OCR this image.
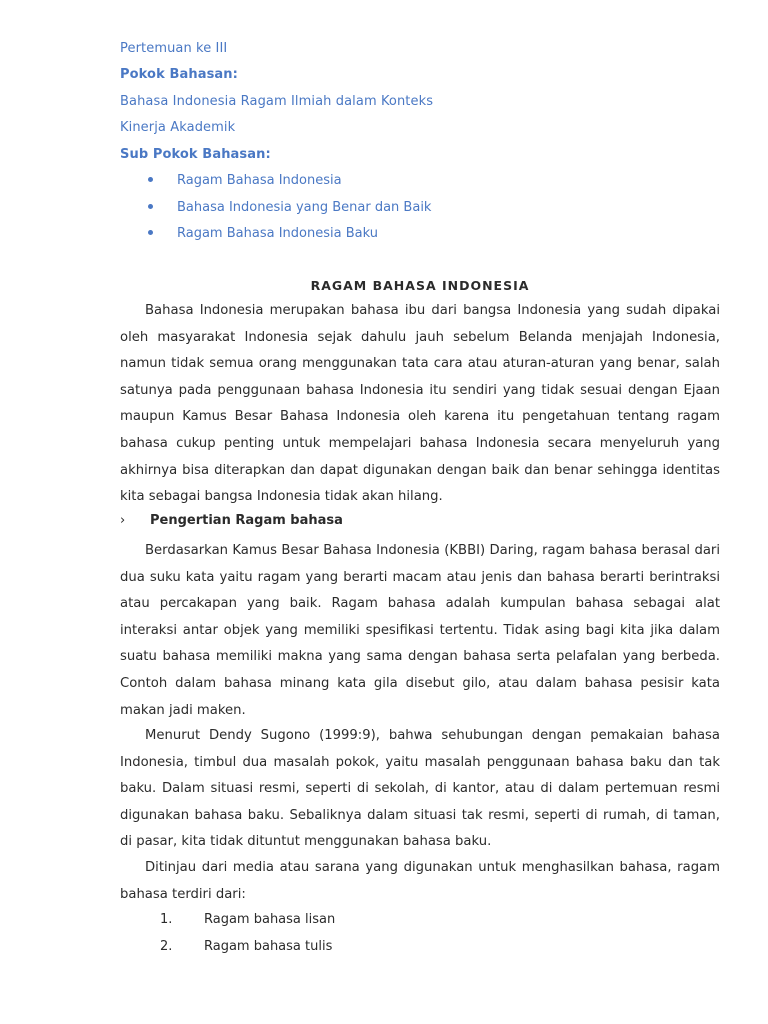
Pertemuan ke III
Pokok Bahasan:
Bahasa Indonesia Ragam Ilmiah dalam Konteks
Kinerja Akademik
Sub Pokok Bahasan:
Ragam Bahasa Indonesia
Bahasa Indonesia yang Benar dan Baik
Ragam Bahasa Indonesia Baku
RAGAM BAHASA INDONESIA

Bahasa Indonesia merupakan bahasa ibu dari bangsa Indonesia yang sudah dipakai oleh masyarakat Indonesia sejak dahulu jauh sebelum Belanda menjajah Indonesia, namun tidak semua orang menggunakan tata cara atau aturan-aturan yang benar, salah satunya pada penggunaan bahasa Indonesia itu sendiri yang tidak sesuai dengan Ejaan maupun Kamus Besar Bahasa Indonesia oleh karena itu pengetahuan tentang ragam bahasa cukup penting untuk mempelajari bahasa Indonesia secara menyeluruh yang akhirnya bisa diterapkan dan dapat digunakan dengan baik dan benar sehingga identitas kita sebagai bangsa Indonesia tidak akan hilang.

› Pengertian Ragam bahasa

Berdasarkan Kamus Besar Bahasa Indonesia (KBBI) Daring, ragam bahasa berasal dari dua suku kata yaitu ragam yang berarti macam atau jenis dan bahasa berarti berintraksi atau percakapan yang baik. Ragam bahasa adalah kumpulan bahasa sebagai alat interaksi antar objek yang memiliki spesifikasi tertentu. Tidak asing bagi kita jika dalam suatu bahasa memiliki makna yang sama dengan bahasa serta pelafalan yang berbeda. Contoh dalam bahasa minang kata gila disebut gilo, atau dalam bahasa pesisir kata makan jadi maken.

Menurut Dendy Sugono (1999:9), bahwa sehubungan dengan pemakaian bahasa Indonesia, timbul dua masalah pokok, yaitu masalah penggunaan bahasa baku dan tak baku. Dalam situasi resmi, seperti di sekolah, di kantor, atau di dalam pertemuan resmi digunakan bahasa baku. Sebaliknya dalam situasi tak resmi, seperti di rumah, di taman, di pasar, kita tidak dituntut menggunakan bahasa baku.

Ditinjau dari media atau sarana yang digunakan untuk menghasilkan bahasa, ragam bahasa terdiri dari:

1. Ragam bahasa lisan
2. Ragam bahasa tulis
